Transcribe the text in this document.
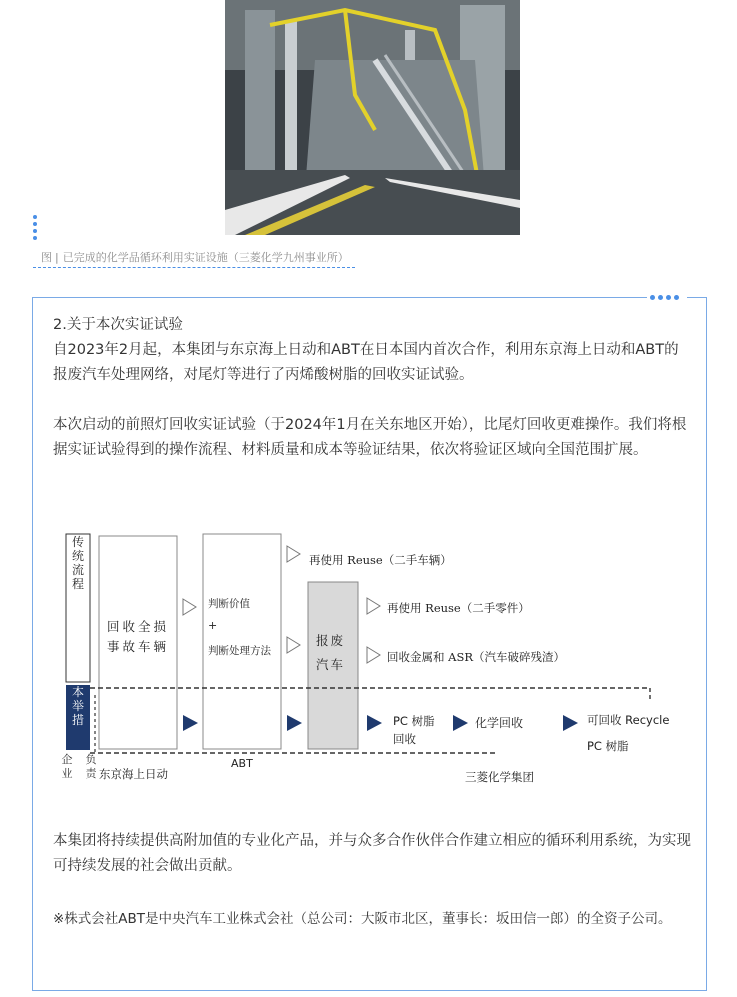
图 | 已完成的化学品循环利用实证设施（三菱化学九州事业所）
2.关于本次实证试验
自2023年2月起，本集团与东京海上日动和ABT在日本国内首次合作，利用东京海上日动和ABT的报废汽车处理网络，对尾灯等进行了丙烯酸树脂的回收实证试验。
本次启动的前照灯回收实证试验（于2024年1月在关东地区开始），比尾灯回收更难操作。我们将根据实证试验得到的操作流程、材料质量和成本等验证结果，依次将验证区域向全国范围扩展。
传统流程
本举措
企业
负责
回收全损事故车辆
判断价值
+
判断处理方法
报废汽车
再使用 Reuse（二手车辆）
再使用 Reuse（二手零件）
回收金属和 ASR（汽车破碎残渣）
PC 树脂
回收
化学回收	可回收 Recycle
PC 树脂
东京海上日动
ABT
三菱化学集团
本集团将持续提供高附加值的专业化产品，并与众多合作伙伴合作建立相应的循环利用系统，为实现可持续发展的社会做出贡献。
※株式会社ABT是中央汽车工业株式会社（总公司：大阪市北区，董事长：坂田信一郎）的全资子公司。
